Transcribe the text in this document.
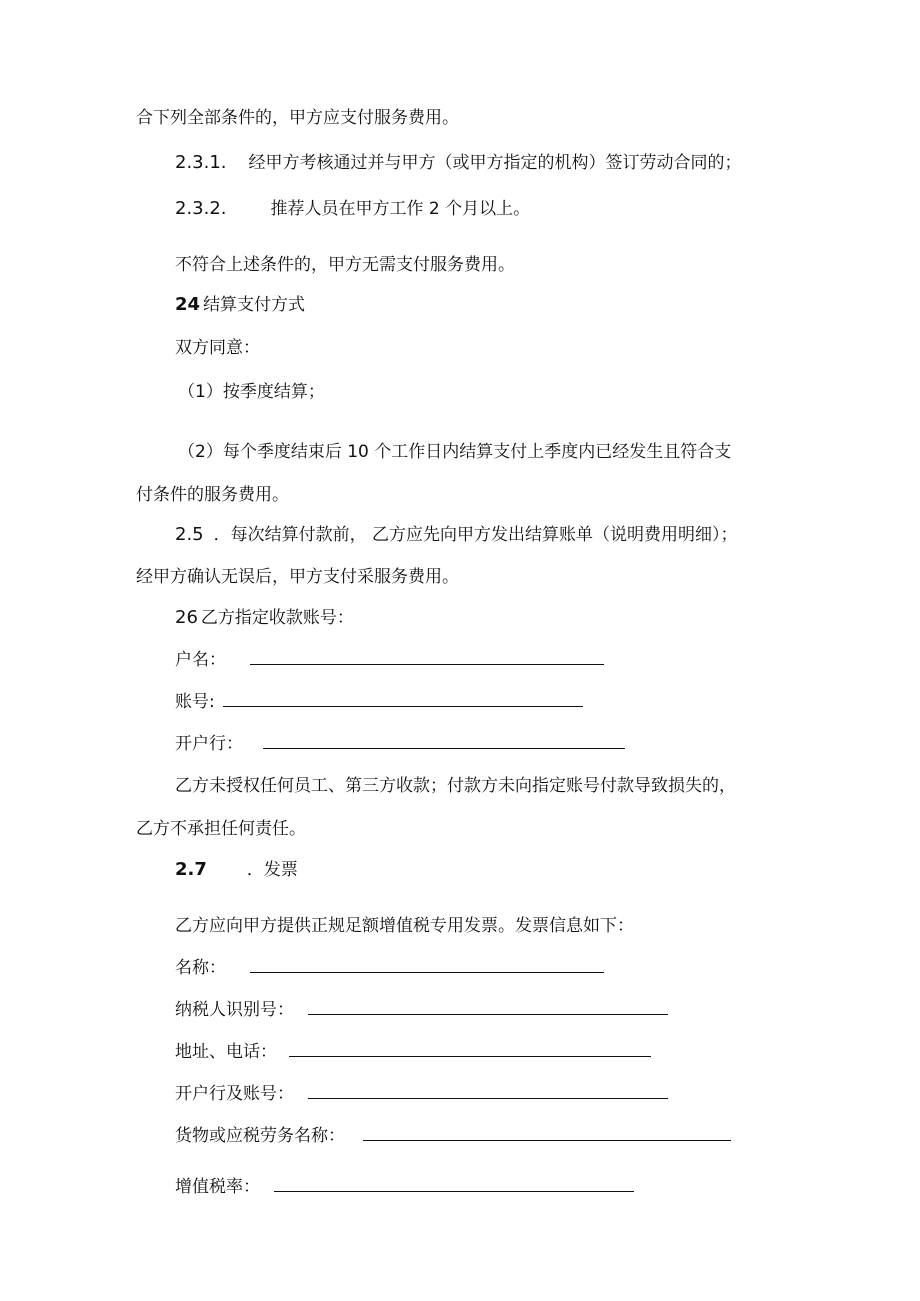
合下列全部条件的，甲方应支付服务费用。
2.3.1. 经甲方考核通过并与甲方（或甲方指定的机构）签订劳动合同的；
2.3.2.	推荐人员在甲方工作 2 个月以上。
不符合上述条件的，甲方无需支付服务费用。
24 结算支付方式
双方同意：
（1）按季度结算；
（2）每个季度结束后 10 个工作日内结算支付上季度内已经发生且符合支
付条件的服务费用。
2.5 ．每次结算付款前， 乙方应先向甲方发出结算账单（说明费用明细）；
经甲方确认无误后，甲方支付采服务费用。
26 乙方指定收款账号：
户名：
账号:
开户行：
乙方未授权任何员工、第三方收款；付款方未向指定账号付款导致损失的，
乙方不承担任何责任。
2.7 ．发票
乙方应向甲方提供正规足额增值税专用发票。发票信息如下：
名称：
纳税人识别号：
地址、电话：
开户行及账号：
货物或应税劳务名称：
增值税率：
